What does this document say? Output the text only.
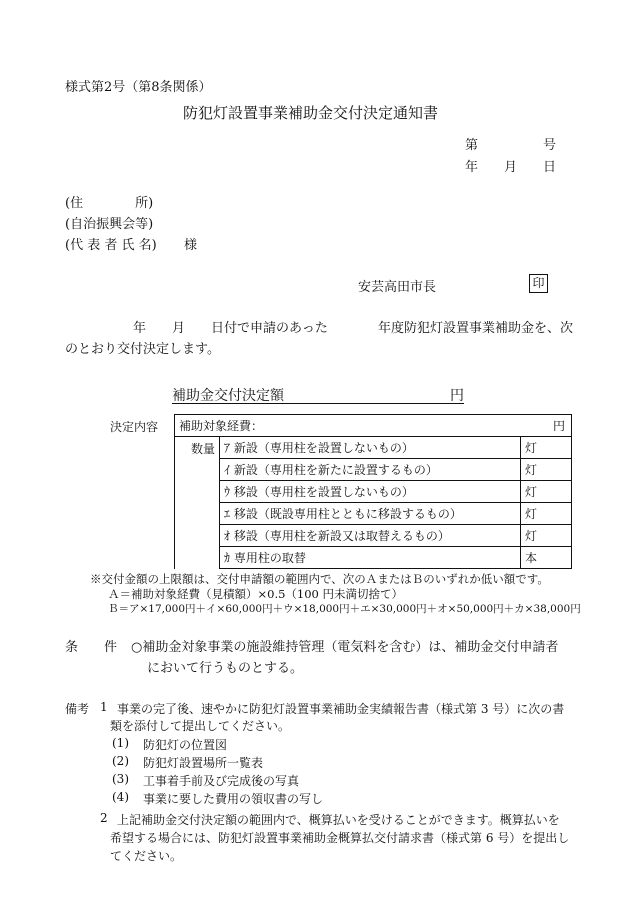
様式第2号（第8条関係）
防犯灯設置事業補助金交付決定通知書
第	号
年 月 日
(住　　　　所)
(自治振興会等)
(代 表 者 氏 名) 様
安芸高田市長	印
年　　月　　日付で申請のあった	年度防犯灯設置事業補助金を、次
のとおり交付決定します。
補助金交付決定額	円
決定内容 補助対象経費： 円		

数量	ｱ 新設（専用柱を設置しないもの）	灯
	ｲ 新設（専用柱を新たに設置するもの）	灯
	ｳ 移設（専用柱を設置しないもの）	灯
	ｴ 移設（既設専用柱とともに移設するもの）	灯
	ｵ 移設（専用柱を新設又は取替えるもの）	灯
	ｶ 専用柱の取替	本
※交付金額の上限額は、交付申請額の範囲内で、次のＡまたはＢのいずれか低い額です。
Ａ＝補助対象経費（見積額）×0.5（100 円未満切捨て）
Ｂ＝ア×17,000円＋イ×60,000円＋ウ×18,000円＋エ×30,000円＋オ×50,000円＋カ×38,000円
条　　件 ○補助金対象事業の施設維持管理（電気料を含む）は、補助金交付申請者
において行うものとする。
備考 1 事業の完了後、速やかに防犯灯設置事業補助金実績報告書（様式第 3 号）に次の書
類を添付して提出してください。
(1) 防犯灯の位置図
(2) 防犯灯設置場所一覧表
(3) 工事着手前及び完成後の写真
(4) 事業に要した費用の領収書の写し
2 上記補助金交付決定額の範囲内で、概算払いを受けることができます。概算払いを
希望する場合には、防犯灯設置事業補助金概算払交付請求書（様式第 6 号）を提出し
てください。
